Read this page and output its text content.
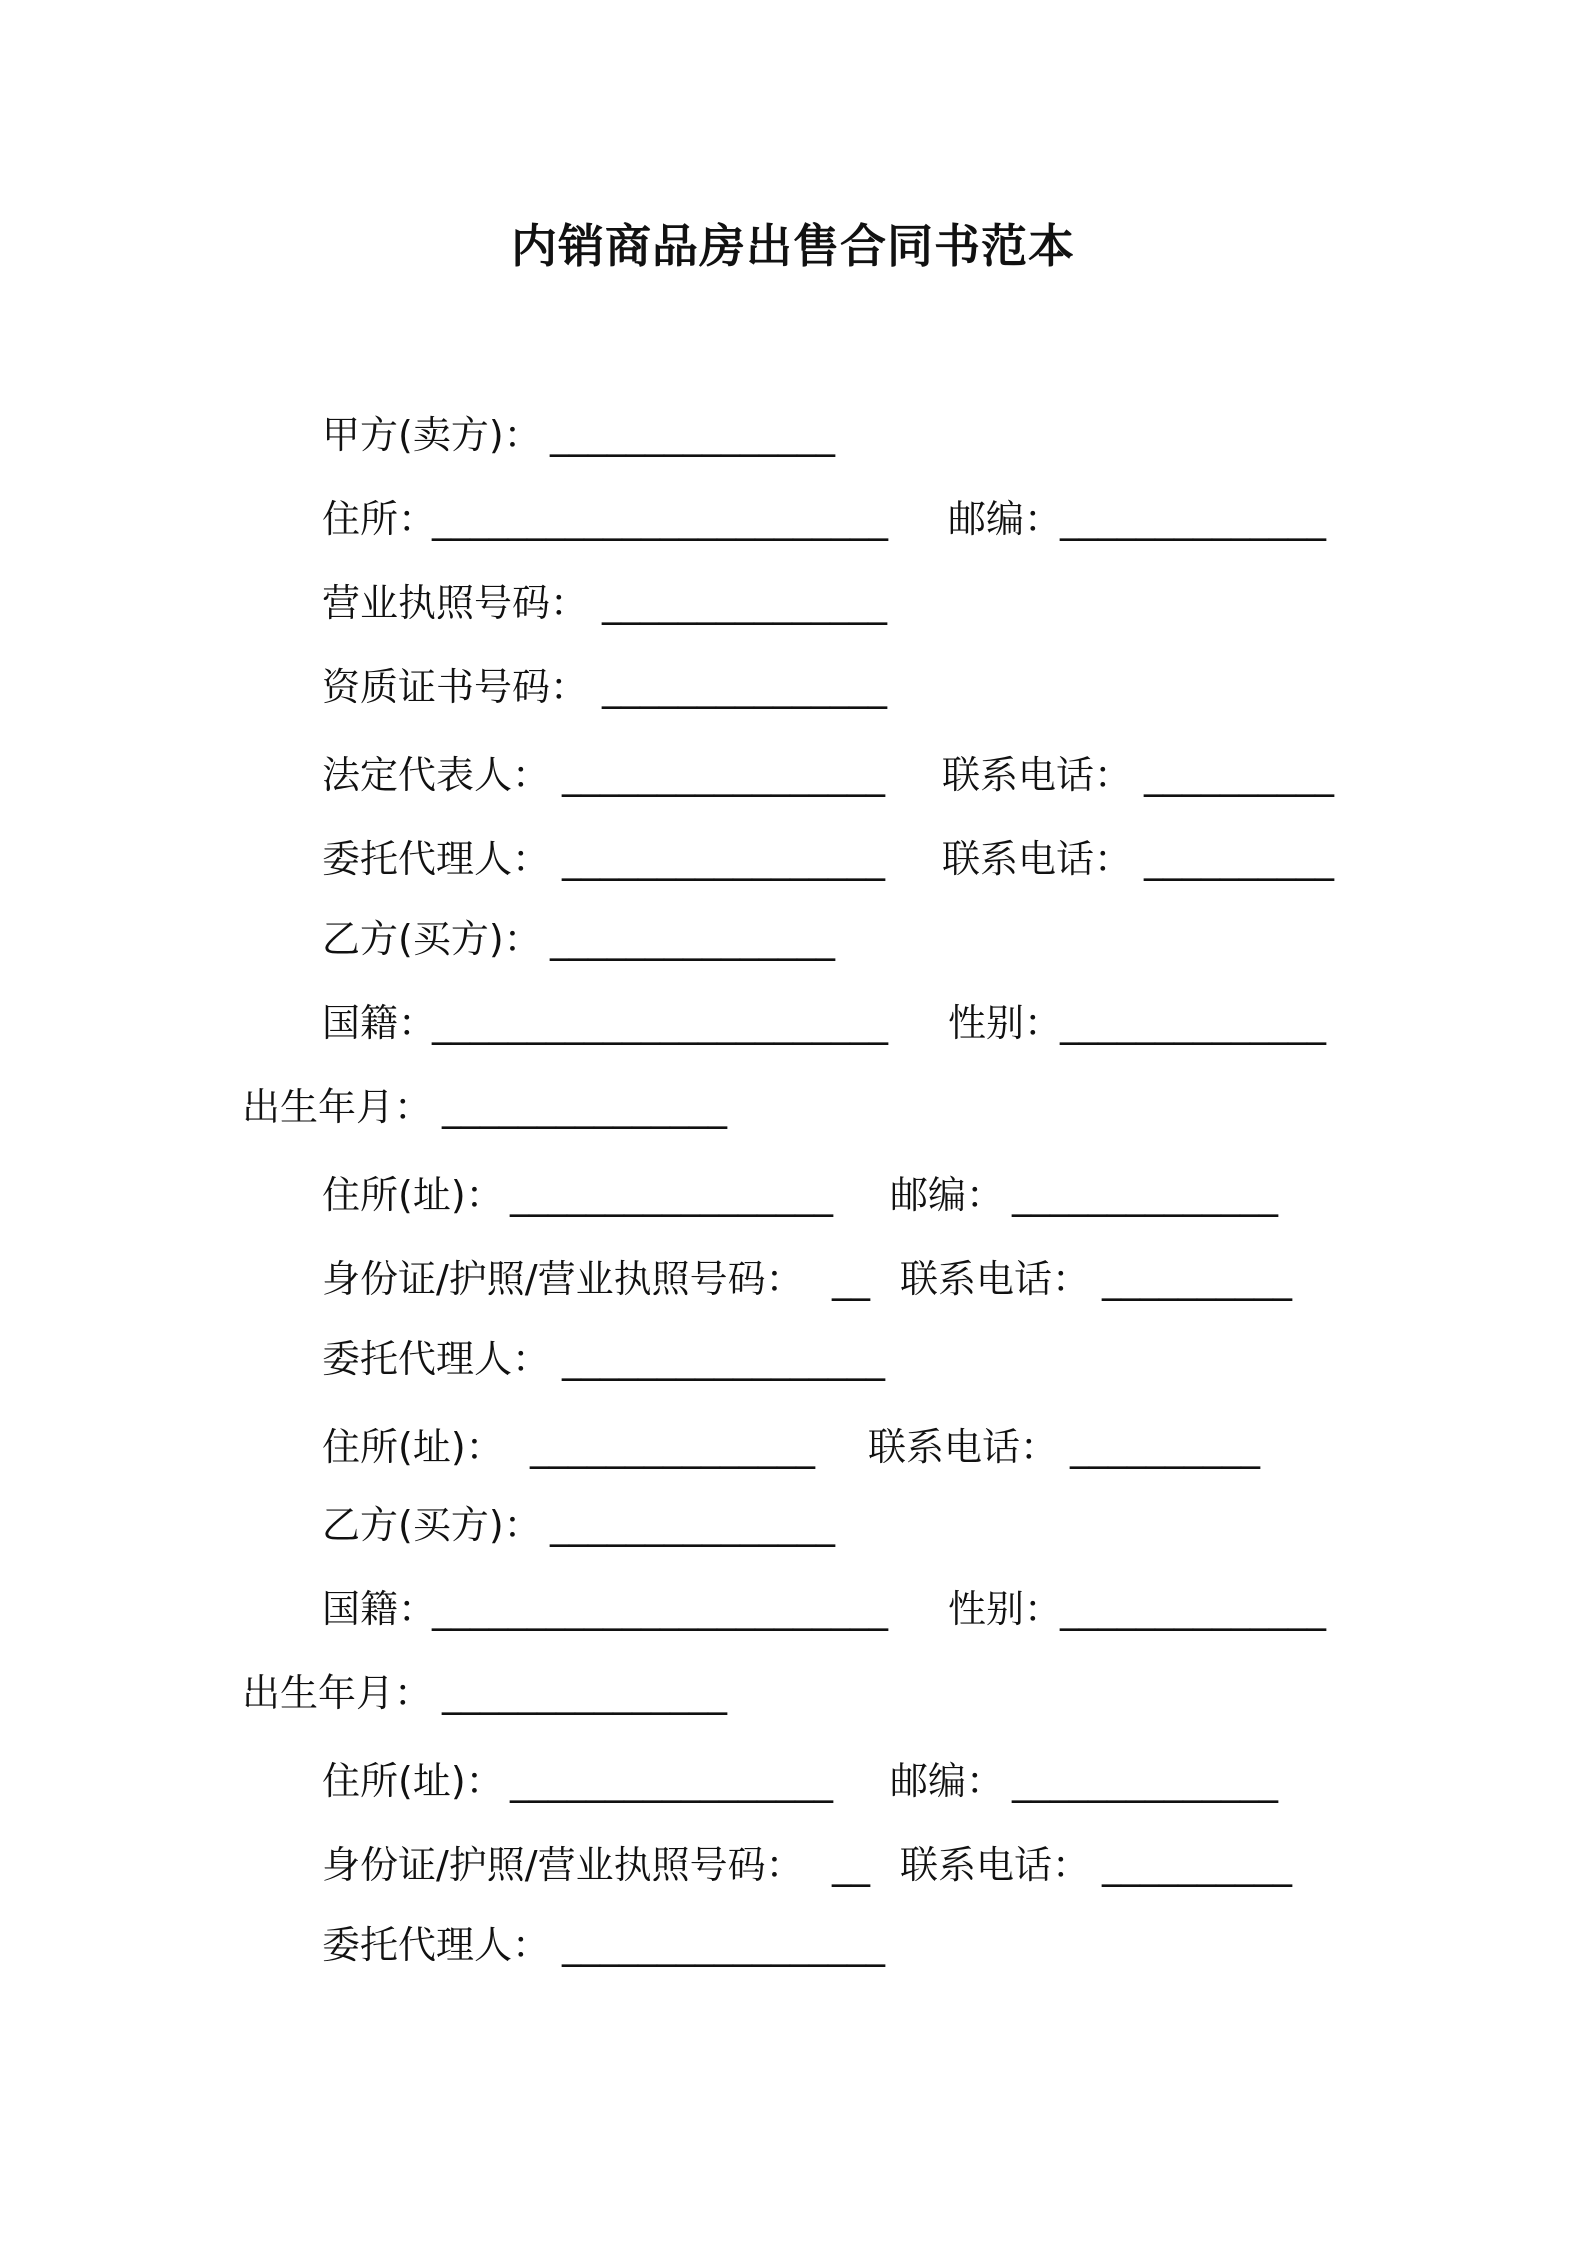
内销商品房出售合同书范本
甲方(卖方)： _______________
住所：
________________________ 邮编：
______________
营业执照号码： _______________
资质证书号码： _______________
法定代表人： _________________ 联系电话： __________
委托代理人： _________________ 联系电话： __________
乙方(买方)： _______________
国籍：
________________________ 性别：
______________
出生年月： _______________
住所(址)： _________________ 邮编： ______________
身份证/护照/营业执照号码： __ 联系电话： __________
委托代理人： _________________
住所(址)： _______________ 联系电话： __________
乙方(买方)： _______________
国籍：
________________________ 性别：
______________
出生年月： _______________
住所(址)： _________________ 邮编： ______________
身份证/护照/营业执照号码： __ 联系电话： __________
委托代理人： _________________
